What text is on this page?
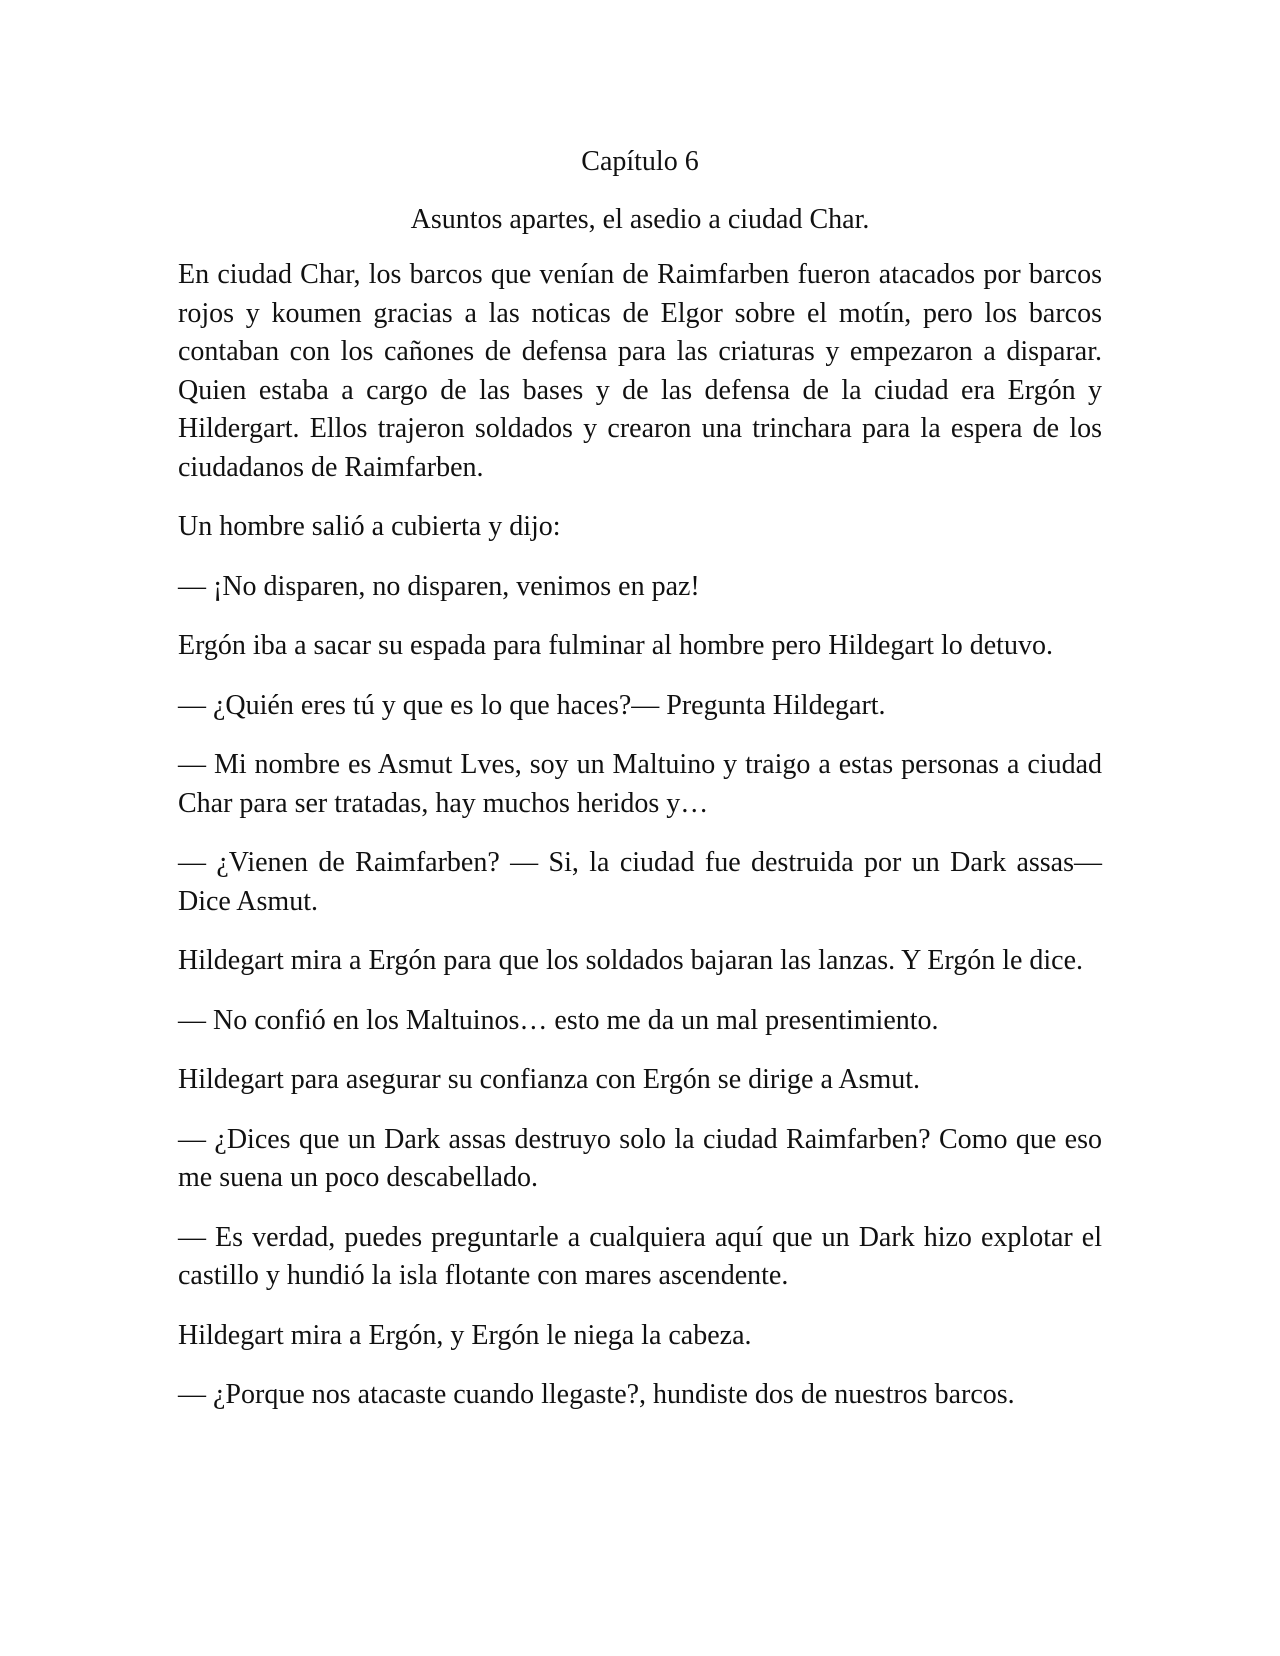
Capítulo 6
Asuntos apartes, el asedio a ciudad Char.

En ciudad Char, los barcos que venían de Raimfarben fueron atacados por barcos rojos y koumen gracias a las noticas de Elgor sobre el motín, pero los barcos contaban con los cañones de defensa para las criaturas y empezaron a disparar. Quien estaba a cargo de las bases y de las defensa de la ciudad era Ergón y Hildergart. Ellos trajeron soldados y crearon una trinchara para la espera de los ciudadanos de Raimfarben.

Un hombre salió a cubierta y dijo:

— ¡No disparen, no disparen, venimos en paz!

Ergón iba a sacar su espada para fulminar al hombre pero Hildegart lo detuvo.

— ¿Quién eres tú y que es lo que haces?— Pregunta Hildegart.

— Mi nombre es Asmut Lves, soy un Maltuino y traigo a estas personas a ciudad Char para ser tratadas, hay muchos heridos y…

— ¿Vienen de Raimfarben? — Si, la ciudad fue destruida por un Dark assas— Dice Asmut.

Hildegart mira a Ergón para que los soldados bajaran las lanzas. Y Ergón le dice.

— No confió en los Maltuinos… esto me da un mal presentimiento.

Hildegart para asegurar su confianza con Ergón se dirige a Asmut.

— ¿Dices que un Dark assas destruyo solo la ciudad Raimfarben? Como que eso me suena un poco descabellado.

— Es verdad, puedes preguntarle a cualquiera aquí que un Dark hizo explotar el castillo y hundió la isla flotante con mares ascendente.

Hildegart mira a Ergón, y Ergón le niega la cabeza.

— ¿Porque nos atacaste cuando llegaste?, hundiste dos de nuestros barcos.
